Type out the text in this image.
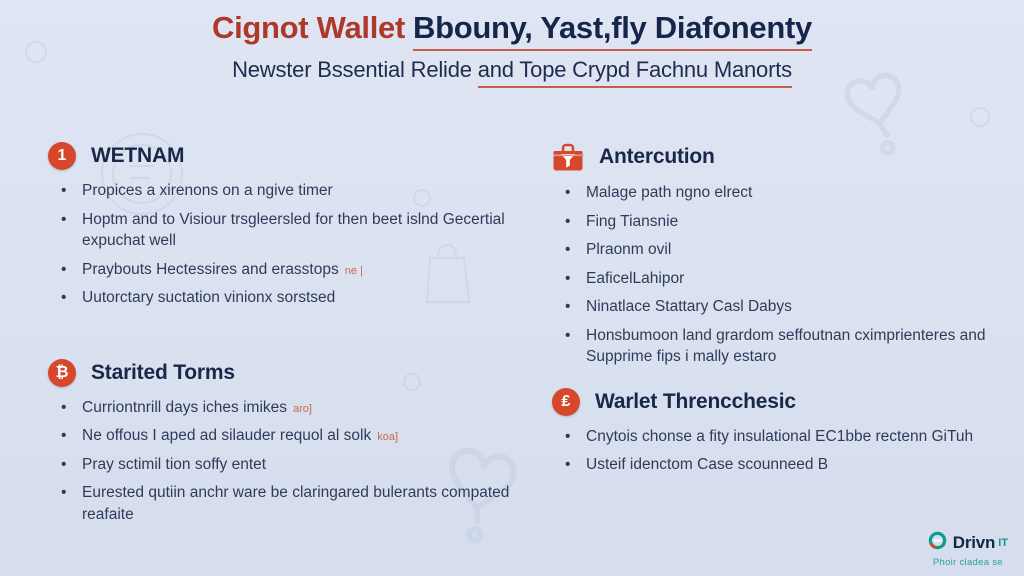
Cignot Wallet Bbouny, Yast,fly Diafonenty
Newster Bssential Relide and Tope Crypd Fachnu Manorts
1	WETNAM
• Propices a xirenons on a ngive timer
• Hoptm and to Visiour trsgleersled for then beet islnd Gecertial expuchat well
• Praybouts Hectessires and erasstops ne |
• Uutorctary suctation vinionx sorstsed
₿	Starited Torms
• Curriontnrill days iches imikes aro]
• Ne offous I aped ad silauder requol al solk koa]
• Pray sctimil tion soffy entet
• Eurested qutiin anchr ware be claringared bulerants compated reafaite
Antercution
• Malage path ngno elrect
• Fing Tiansnie
• Plraonm ovil
• EaficelLahipor
• Ninatlace Stattary Casl Dabys
• Honsbumoon land grardom seffoutnan cximprienteres and Supprime fips i mally estaro
₤	Warlet Threncchesic
• Cnytois chonse a fity insulational EC1bbe rectenn GiTuh
• Usteif idenctom Case scounneed B
Drivn IT
Phoir cladea se
